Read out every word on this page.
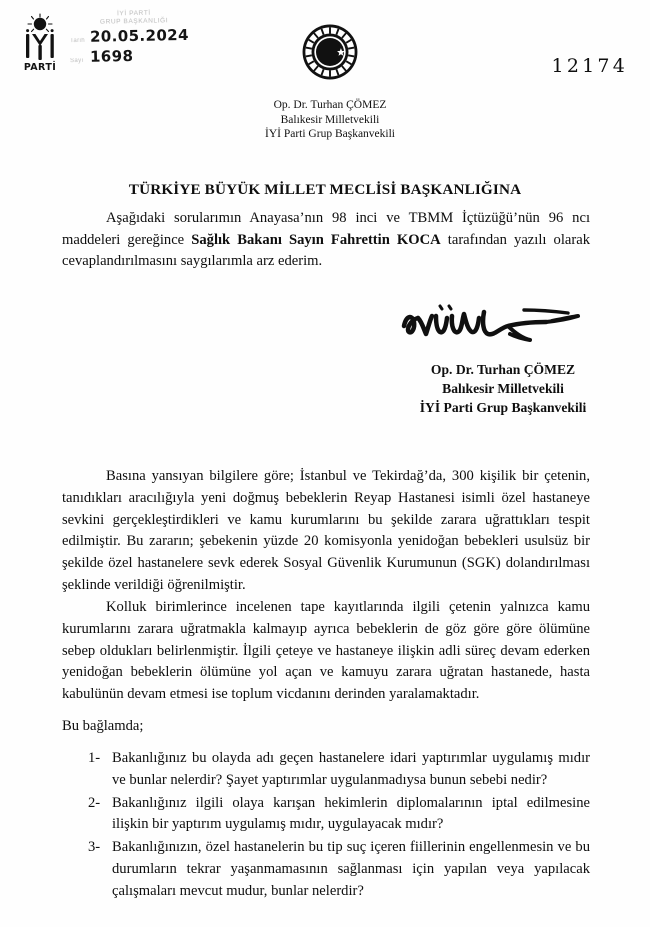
PARTİ
İYİ PARTİ
GRUP BAŞKANLIĞI
Tarih 20.05.2024
Sayı 1698	12174
Op. Dr. Turhan ÇÖMEZ
Balıkesir Milletvekili
İYİ Parti Grup Başkanvekili
TÜRKİYE BÜYÜK MİLLET MECLİSİ BAŞKANLIĞINA
Aşağıdaki sorularımın Anayasa’nın 98 inci ve TBMM İçtüzüğü’nün 96 ncı maddeleri gereğince Sağlık Bakanı Sayın Fahrettin KOCA tarafından yazılı olarak cevaplandırılmasını saygılarımla arz ederim.
Op. Dr. Turhan ÇÖMEZ
Balıkesir Milletvekili
İYİ Parti Grup Başkanvekili
Basına yansıyan bilgilere göre; İstanbul ve Tekirdağ’da, 300 kişilik bir çetenin, tanıdıkları aracılığıyla yeni doğmuş bebeklerin Reyap Hastanesi isimli özel hastaneye sevkini gerçekleştirdikleri ve kamu kurumlarını bu şekilde zarara uğrattıkları tespit edilmiştir. Bu zararın; şebekenin yüzde 20 komisyonla yenidoğan bebekleri usulsüz bir şekilde özel hastanelere sevk ederek Sosyal Güvenlik Kurumunun (SGK) dolandırılması şeklinde verildiği öğrenilmiştir.
Kolluk birimlerince incelenen tape kayıtlarında ilgili çetenin yalnızca kamu kurumlarını zarara uğratmakla kalmayıp ayrıca bebeklerin de göz göre göre ölümüne sebep oldukları belirlenmiştir. İlgili çeteye ve hastaneye ilişkin adli süreç devam ederken yenidoğan bebeklerin ölümüne yol açan ve kamuyu zarara uğratan hastanede, hasta kabulünün devam etmesi ise toplum vicdanını derinden yaralamaktadır.
Bu bağlamda;
1- Bakanlığınız bu olayda adı geçen hastanelere idari yaptırımlar uygulamış mıdır ve bunlar nelerdir? Şayet yaptırımlar uygulanmadıysa bunun sebebi nedir?
2- Bakanlığınız ilgili olaya karışan hekimlerin diplomalarının iptal edilmesine ilişkin bir yaptırım uygulamış mıdır, uygulayacak mıdır?
3- Bakanlığınızın, özel hastanelerin bu tip suç içeren fiillerinin engellenmesin ve bu durumların tekrar yaşanmamasının sağlanması için yapılan veya yapılacak çalışmaları mevcut mudur, bunlar nelerdir?
